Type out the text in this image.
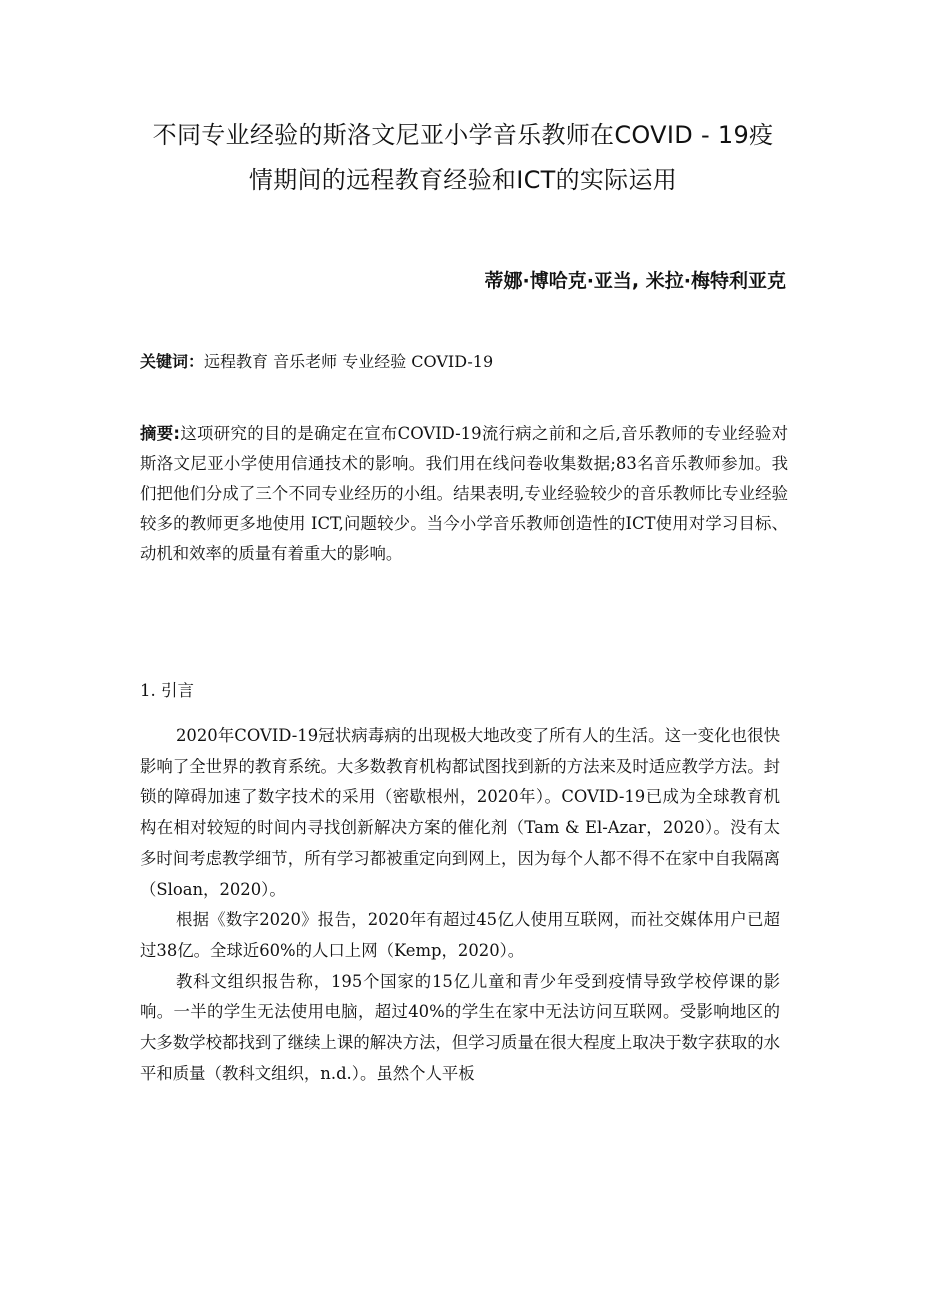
不同专业经验的斯洛文尼亚小学音乐教师在COVID - 19疫
情期间的远程教育经验和ICT的实际运用

蒂娜·博哈克·亚当, 米拉·梅特利亚克

关键词：远程教育 音乐老师 专业经验 COVID-19

摘要:这项研究的目的是确定在宣布COVID-19流行病之前和之后,音乐教师的专业经验对斯洛文尼亚小学使用信通技术的影响。我们用在线问卷收集数据;83名音乐教师参加。我们把他们分成了三个不同专业经历的小组。结果表明,专业经验较少的音乐教师比专业经验较多的教师更多地使用 ICT,问题较少。当今小学音乐教师创造性的ICT使用对学习目标、动机和效率的质量有着重大的影响。

1. 引言

2020年COVID-19冠状病毒病的出现极大地改变了所有人的生活。这一变化也很快影响了全世界的教育系统。大多数教育机构都试图找到新的方法来及时适应教学方法。封锁的障碍加速了数字技术的采用（密歇根州，2020年）。COVID-19已成为全球教育机构在相对较短的时间内寻找创新解决方案的催化剂（Tam & El-Azar，2020）。没有太多时间考虑教学细节，所有学习都被重定向到网上，因为每个人都不得不在家中自我隔离（Sloan，2020）。

根据《数字2020》报告，2020年有超过45亿人使用互联网，而社交媒体用户已超过38亿。全球近60%的人口上网（Kemp，2020）。

教科文组织报告称，195个国家的15亿儿童和青少年受到疫情导致学校停课的影响。一半的学生无法使用电脑，超过40%的学生在家中无法访问互联网。受影响地区的大多数学校都找到了继续上课的解决方法，但学习质量在很大程度上取决于数字获取的水平和质量（教科文组织，n.d.）。虽然个人平板
